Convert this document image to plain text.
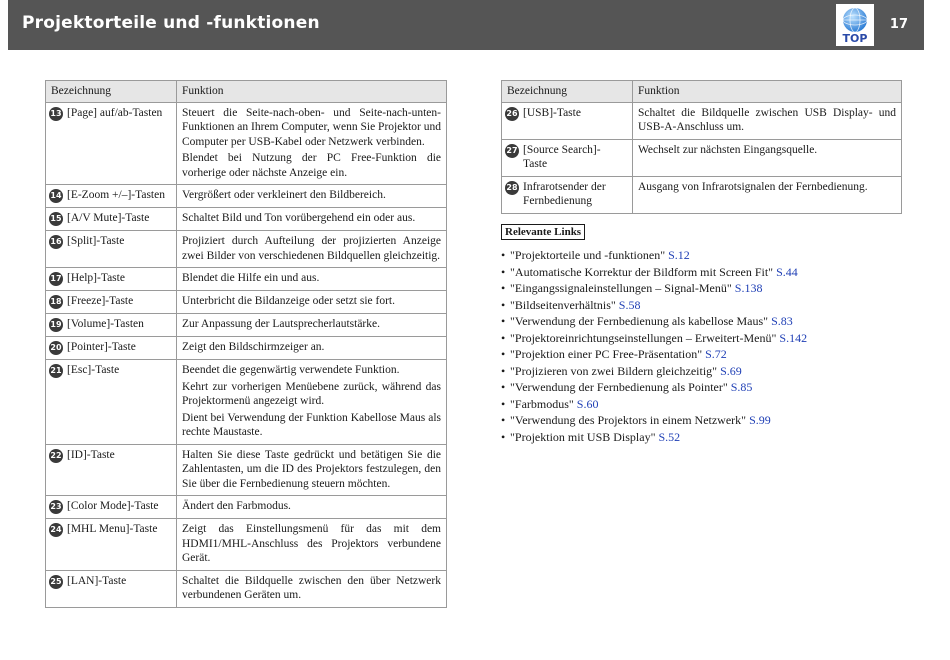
Projektorteile und -funktionen
TOP
17
Bezeichnung	Funktion
13 [Page] auf/ab-Tasten	Steuert die Seite-nach-oben- und Seite-nach-unten-Funktionen an Ihrem Computer, wenn Sie Projektor und Computer per USB-Kabel oder Netzwerk verbinden.

Blendet bei Nutzung der PC Free-Funktion die vorherige oder nächste Anzeige ein.

14 [E-Zoom +/–]-Tasten	Vergrößert oder verkleinert den Bildbereich.

15 [A/V Mute]-Taste	Schaltet Bild und Ton vorübergehend ein oder aus.

16 [Split]-Taste	Projiziert durch Aufteilung der projizierten Anzeige zwei Bilder von verschiedenen Bildquellen gleichzeitig.

17 [Help]-Taste	Blendet die Hilfe ein und aus.

18 [Freeze]-Taste	Unterbricht die Bildanzeige oder setzt sie fort.

19 [Volume]-Tasten	Zur Anpassung der Lautsprecherlautstärke.

20 [Pointer]-Taste	Zeigt den Bildschirmzeiger an.

21 [Esc]-Taste	Beendet die gegenwärtig verwendete Funktion.

Kehrt zur vorherigen Menüebene zurück, während das Projektormenü angezeigt wird.

Dient bei Verwendung der Funktion Kabellose Maus als rechte Maustaste.

22 [ID]-Taste	Halten Sie diese Taste gedrückt und betätigen Sie die Zahlentasten, um die ID des Projektors festzulegen, den Sie über die Fernbedienung steuern möchten.

23 [Color Mode]-Taste	Ändert den Farbmodus.

24 [MHL Menu]-Taste	Zeigt das Einstellungsmenü für das mit dem HDMI1/MHL-Anschluss des Projektors verbundene Gerät.

25 [LAN]-Taste	Schaltet die Bildquelle zwischen den über Netzwerk verbundenen Geräten um.

Bezeichnung	Funktion
26 [USB]-Taste	Schaltet die Bildquelle zwischen USB Display- und USB-A-Anschluss um.

27 [Source Search]-Taste	Wechselt zur nächsten Eingangsquelle.

28 Infrarotsender der Fernbedienung	Ausgang von Infrarotsignalen der Fernbedienung.

Relevante Links
• "Projektorteile und -funktionen" S.12
• "Automatische Korrektur der Bildform mit Screen Fit" S.44
• "Eingangssignaleinstellungen – Signal-Menü" S.138
• "Bildseitenverhältnis" S.58
• "Verwendung der Fernbedienung als kabellose Maus" S.83
• "Projektoreinrichtungseinstellungen – Erweitert-Menü" S.142
• "Projektion einer PC Free-Präsentation" S.72
• "Projizieren von zwei Bildern gleichzeitig" S.69
• "Verwendung der Fernbedienung als Pointer" S.85
• "Farbmodus" S.60
• "Verwendung des Projektors in einem Netzwerk" S.99
• "Projektion mit USB Display" S.52
